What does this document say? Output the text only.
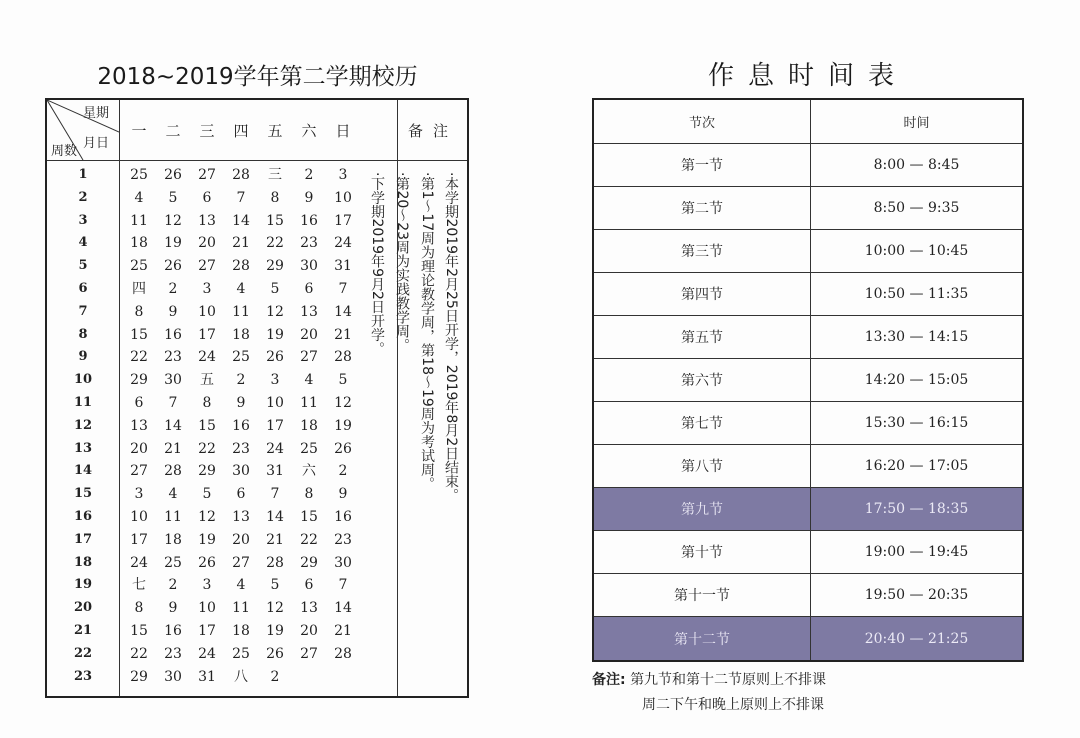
2018~2019学年第二学期校历
星期
月日
周数
一	二	三	四	五	六	日	备注
1	25	26	27	28	三	2	3
2	4	5	6	7	8	9	10
3	11	12	13	14	15	16	17
4	18	19	20	21	22	23	24
5	25	26	27	28	29	30	31
6	四	2	3	4	5	6	7
7	8	9	10	11	12	13	14
8	15	16	17	18	19	20	21
9	22	23	24	25	26	27	28
10	29	30	五	2	3	4	5
11	6	7	8	9	10	11	12
12	13	14	15	16	17	18	19
13	20	21	22	23	24	25	26
14	27	28	29	30	31	六	2
15	3	4	5	6	7	8	9
16	10	11	12	13	14	15	16
17	17	18	19	20	21	22	23
18	24	25	26	27	28	29	30
19	七	2	3	4	5	6	7
20	8	9	10	11	12	13	14
21	15	16	17	18	19	20	21
22	22	23	24	25	26	27	28
23	29	30	31	八	2
·本学期2019年2月25日开学，2019年8月2日结束。
·第1～17周为理论教学周，第18～19周为考试周。
·第20～23周为实践教学周。
·下学期2019年9月2日开学。
作息时间表
节次	时间
第一节	8:00 — 8:45
第二节	8:50 — 9:35
第三节	10:00 — 10:45
第四节	10:50 — 11:35
第五节	13:30 — 14:15
第六节	14:20 — 15:05
第七节	15:30 — 16:15
第八节	16:20 — 17:05
第九节	17:50 — 18:35
第十节	19:00 — 19:45
第十一节	19:50 — 20:35
第十二节	20:40 — 21:25
备注: 第九节和第十二节原则上不排课
周二下午和晚上原则上不排课
